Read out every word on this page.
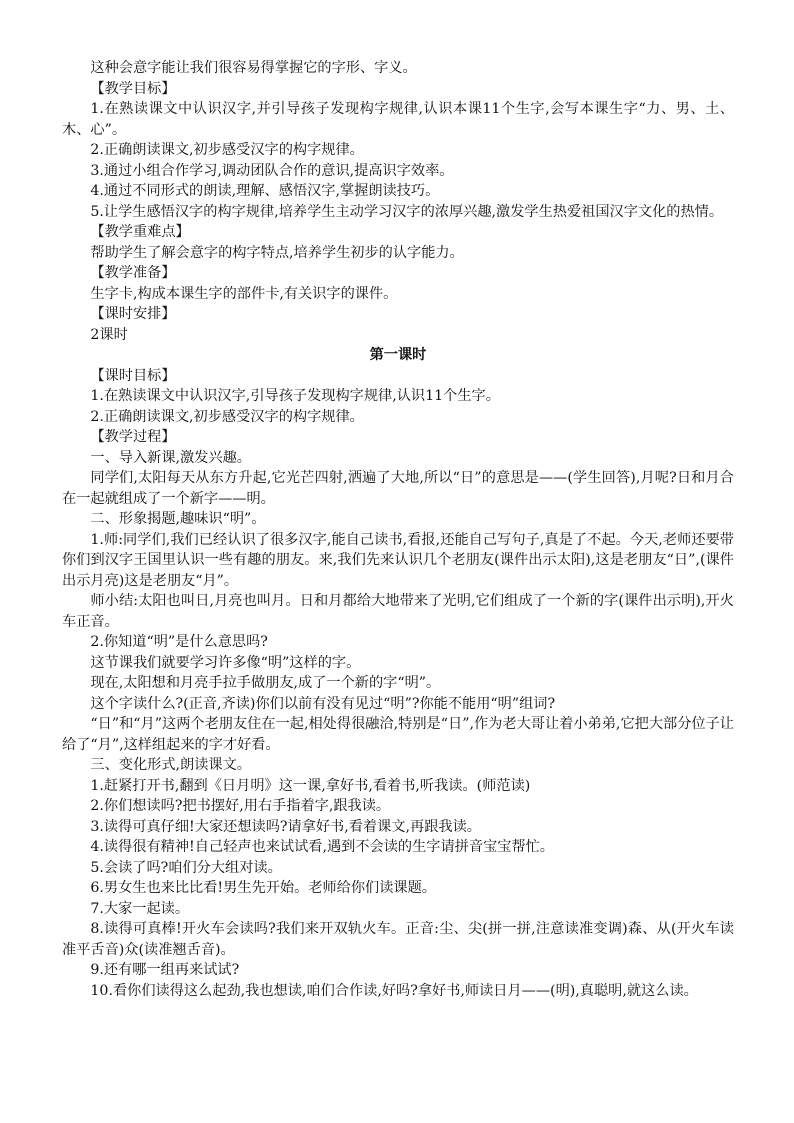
这种会意字能让我们很容易得掌握它的字形、字义。

【教学目标】

1.在熟读课文中认识汉字,并引导孩子发现构字规律,认识本课11个生字,会写本课生字“力、男、土、木、心”。

2.正确朗读课文,初步感受汉字的构字规律。

3.通过小组合作学习,调动团队合作的意识,提高识字效率。

4.通过不同形式的朗读,理解、感悟汉字,掌握朗读技巧。

5.让学生感悟汉字的构字规律,培养学生主动学习汉字的浓厚兴趣,激发学生热爱祖国汉字文化的热情。

【教学重难点】

帮助学生了解会意字的构字特点,培养学生初步的认字能力。

【教学准备】

生字卡,构成本课生字的部件卡,有关识字的课件。

【课时安排】

2课时

第一课时

【课时目标】

1.在熟读课文中认识汉字,引导孩子发现构字规律,认识11个生字。

2.正确朗读课文,初步感受汉字的构字规律。

【教学过程】

一、导入新课,激发兴趣。

同学们,太阳每天从东方升起,它光芒四射,洒遍了大地,所以“日”的意思是——(学生回答),月呢?日和月合在一起就组成了一个新字——明。

二、形象揭题,趣味识“明”。

1.师:同学们,我们已经认识了很多汉字,能自己读书,看报,还能自己写句子,真是了不起。今天,老师还要带你们到汉字王国里认识一些有趣的朋友。来,我们先来认识几个老朋友(课件出示太阳),这是老朋友“日”,(课件出示月亮)这是老朋友“月”。

师小结:太阳也叫日,月亮也叫月。日和月都给大地带来了光明,它们组成了一个新的字(课件出示明),开火车正音。

2.你知道“明”是什么意思吗?

这节课我们就要学习许多像“明”这样的字。

现在,太阳想和月亮手拉手做朋友,成了一个新的字“明”。

这个字读什么?(正音,齐读)你们以前有没有见过“明”?你能不能用“明”组词?

“日”和“月”这两个老朋友住在一起,相处得很融洽,特别是“日”,作为老大哥让着小弟弟,它把大部分位子让给了“月”,这样组起来的字才好看。

三、变化形式,朗读课文。

1.赶紧打开书,翻到《日月明》这一课,拿好书,看着书,听我读。(师范读)

2.你们想读吗?把书摆好,用右手指着字,跟我读。

3.读得可真仔细!大家还想读吗?请拿好书,看着课文,再跟我读。

4.读得很有精神!自己轻声也来试试看,遇到不会读的生字请拼音宝宝帮忙。

5.会读了吗?咱们分大组对读。

6.男女生也来比比看!男生先开始。老师给你们读课题。

7.大家一起读。

8.读得可真棒!开火车会读吗?我们来开双轨火车。正音:尘、尖(拼一拼,注意读准变调)森、从(开火车读准平舌音)众(读准翘舌音)。

9.还有哪一组再来试试?

10.看你们读得这么起劲,我也想读,咱们合作读,好吗?拿好书,师读日月——(明),真聪明,就这么读。
